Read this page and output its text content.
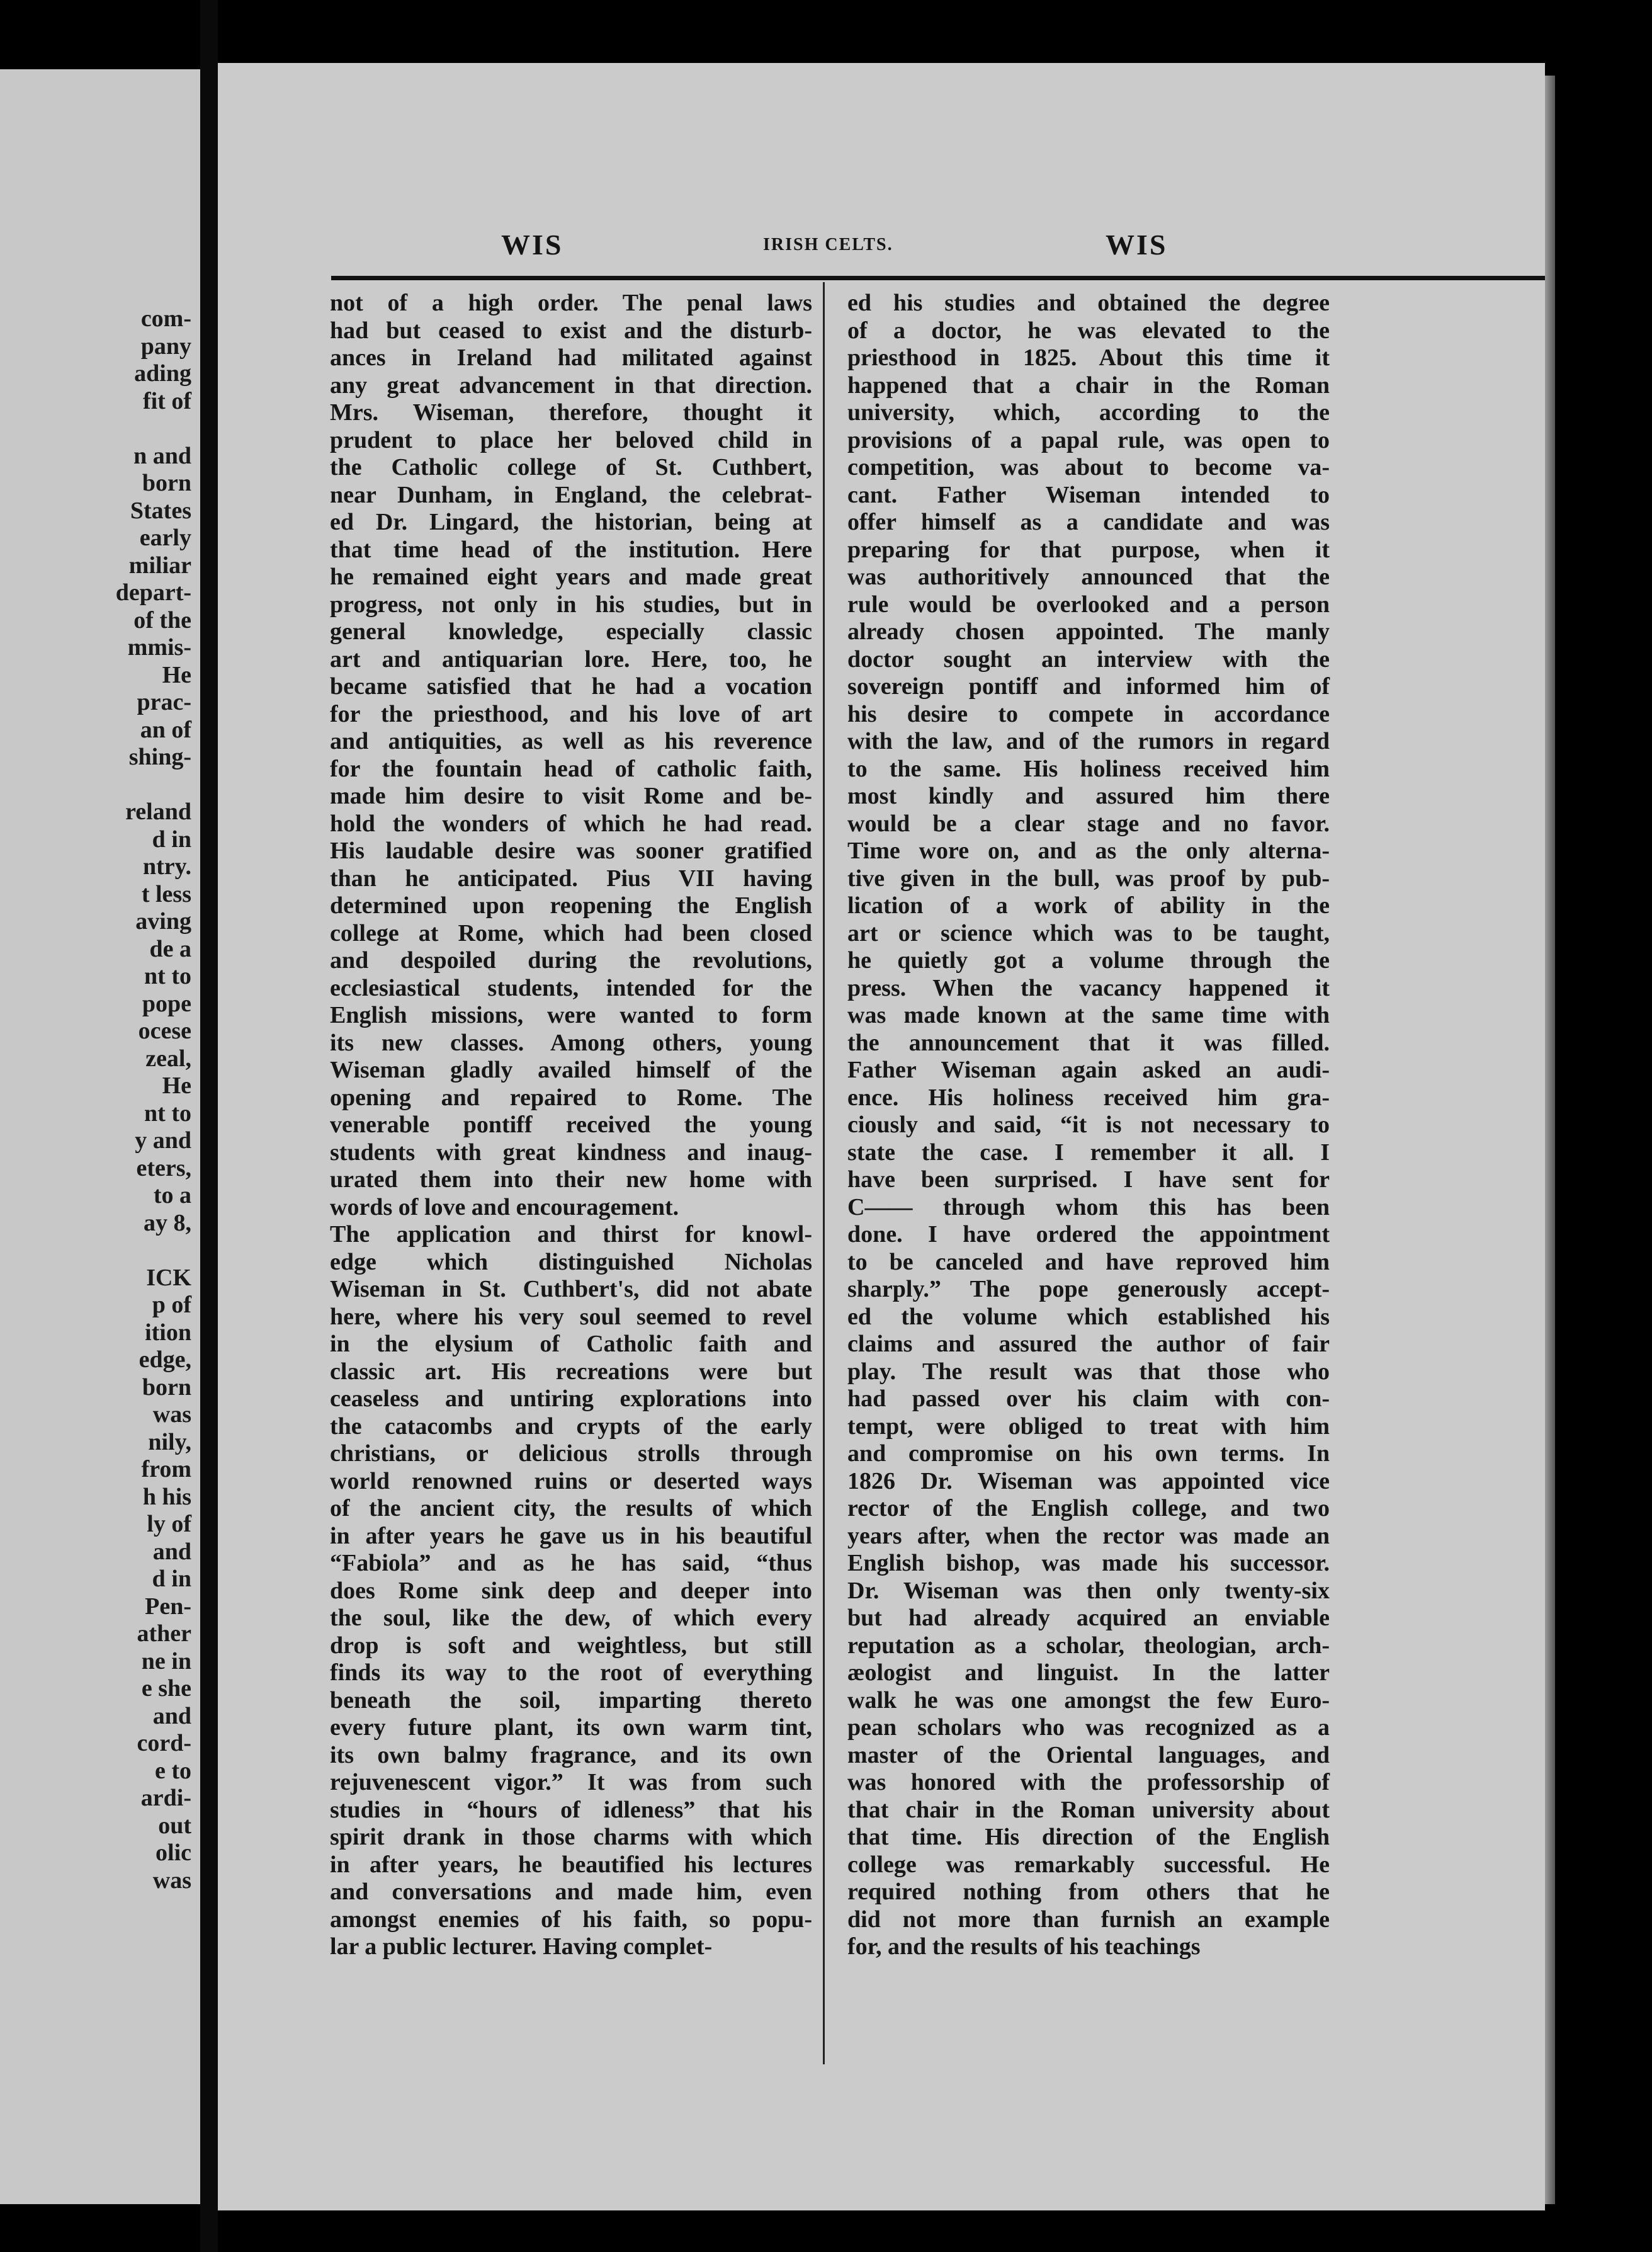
com-
pany
ading
fit of

n and
born
States
early
miliar
depart-
of the
mmis-
He
prac-
an of
shing-

reland
d in
ntry.
t less
aving
de a
nt to
pope
ocese
zeal,
He
nt to
y and
eters,
to a
ay 8,

ICK
p of
ition
edge,
born
was
nily,
from
h his
ly of
and
d in
Pen-
ather
ne in
e she
and
cord-
e to
ardi-
out
olic
was
WIS	IRISH CELTS.	WIS
not of a high order. The penal laws
had but ceased to exist and the disturb-
ances in Ireland had militated against
any great advancement in that direction.
Mrs. Wiseman, therefore, thought it
prudent to place her beloved child in
the Catholic college of St. Cuthbert,
near Dunham, in England, the celebrat-
ed Dr. Lingard, the historian, being at
that time head of the institution. Here
he remained eight years and made great
progress, not only in his studies, but in
general knowledge, especially classic
art and antiquarian lore. Here, too, he
became satisfied that he had a vocation
for the priesthood, and his love of art
and antiquities, as well as his reverence
for the fountain head of catholic faith,
made him desire to visit Rome and be-
hold the wonders of which he had read.
His laudable desire was sooner gratified
than he anticipated. Pius VII having
determined upon reopening the English
college at Rome, which had been closed
and despoiled during the revolutions,
ecclesiastical students, intended for the
English missions, were wanted to form
its new classes. Among others, young
Wiseman gladly availed himself of the
opening and repaired to Rome. The
venerable pontiff received the young
students with great kindness and inaug-
urated them into their new home with
words of love and encouragement.
The application and thirst for knowl-
edge which distinguished Nicholas
Wiseman in St. Cuthbert's, did not abate
here, where his very soul seemed to revel
in the elysium of Catholic faith and
classic art. His recreations were but
ceaseless and untiring explorations into
the catacombs and crypts of the early
christians, or delicious strolls through
world renowned ruins or deserted ways
of the ancient city, the results of which
in after years he gave us in his beautiful
“Fabiola” and as he has said, “thus
does Rome sink deep and deeper into
the soul, like the dew, of which every
drop is soft and weightless, but still
finds its way to the root of everything
beneath the soil, imparting thereto
every future plant, its own warm tint,
its own balmy fragrance, and its own
rejuvenescent vigor.” It was from such
studies in “hours of idleness” that his
spirit drank in those charms with which
in after years, he beautified his lectures
and conversations and made him, even
amongst enemies of his faith, so popu-
lar a public lecturer. Having complet-
ed his studies and obtained the degree
of a doctor, he was elevated to the
priesthood in 1825. About this time it
happened that a chair in the Roman
university, which, according to the
provisions of a papal rule, was open to
competition, was about to become va-
cant. Father Wiseman intended to
offer himself as a candidate and was
preparing for that purpose, when it
was authoritively announced that the
rule would be overlooked and a person
already chosen appointed. The manly
doctor sought an interview with the
sovereign pontiff and informed him of
his desire to compete in accordance
with the law, and of the rumors in regard
to the same. His holiness received him
most kindly and assured him there
would be a clear stage and no favor.
Time wore on, and as the only alterna-
tive given in the bull, was proof by pub-
lication of a work of ability in the
art or science which was to be taught,
he quietly got a volume through the
press. When the vacancy happened it
was made known at the same time with
the announcement that it was filled.
Father Wiseman again asked an audi-
ence. His holiness received him gra-
ciously and said, “it is not necessary to
state the case. I remember it all. I
have been surprised. I have sent for
C—— through whom this has been
done. I have ordered the appointment
to be canceled and have reproved him
sharply.” The pope generously accept-
ed the volume which established his
claims and assured the author of fair
play. The result was that those who
had passed over his claim with con-
tempt, were obliged to treat with him
and compromise on his own terms. In
1826 Dr. Wiseman was appointed vice
rector of the English college, and two
years after, when the rector was made an
English bishop, was made his successor.
Dr. Wiseman was then only twenty-six
but had already acquired an enviable
reputation as a scholar, theologian, arch-
æologist and linguist. In the latter
walk he was one amongst the few Euro-
pean scholars who was recognized as a
master of the Oriental languages, and
was honored with the professorship of
that chair in the Roman university about
that time. His direction of the English
college was remarkably successful. He
required nothing from others that he
did not more than furnish an example
for, and the results of his teachings
